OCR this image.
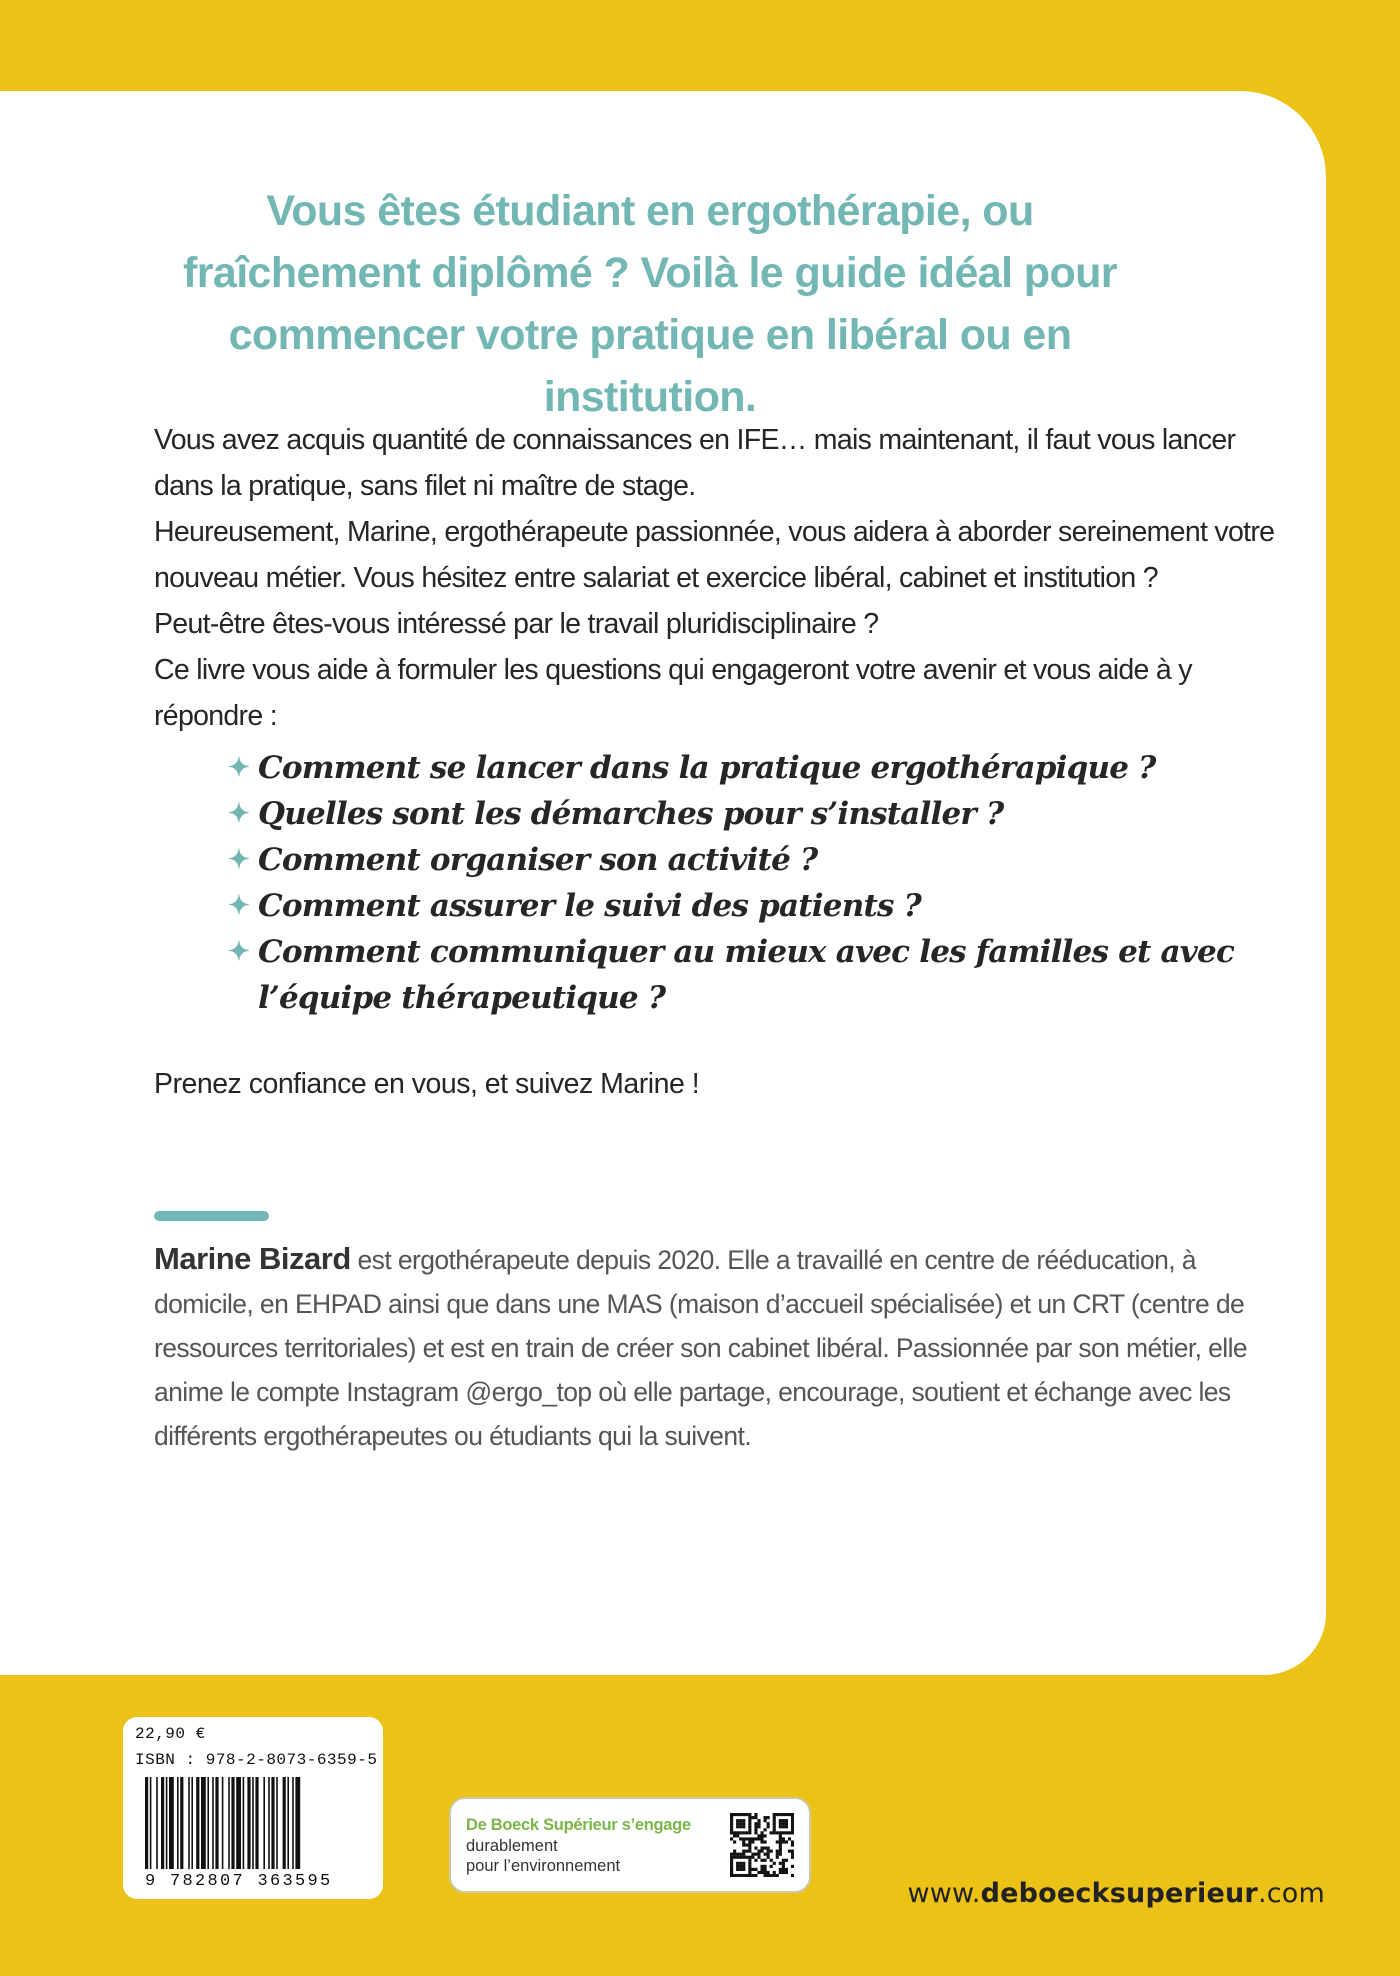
Vous êtes étudiant en ergothérapie, ou fraîchement diplômé ? Voilà le guide idéal pour commencer votre pratique en libéral ou en institution.

Vous avez acquis quantité de connaissances en IFE… mais maintenant, il faut vous lancer dans la pratique, sans filet ni maître de stage.

Heureusement, Marine, ergothérapeute passionnée, vous aidera à aborder sereinement votre nouveau métier. Vous hésitez entre salariat et exercice libéral, cabinet et institution ?

Peut-être êtes-vous intéressé par le travail pluridisciplinaire ?

Ce livre vous aide à formuler les questions qui engageront votre avenir et vous aide à y répondre :

✦ Comment se lancer dans la pratique ergothérapique ?
✦ Quelles sont les démarches pour s’installer ?
✦ Comment organiser son activité ?
✦ Comment assurer le suivi des patients ?
✦ Comment communiquer au mieux avec les familles et avec l’équipe thérapeutique ?
Prenez confiance en vous, et suivez Marine !
Marine Bizard est ergothérapeute depuis 2020. Elle a travaillé en centre de rééducation, à domicile, en EHPAD ainsi que dans une MAS (maison d’accueil spécialisée) et un CRT (centre de ressources territoriales) et est en train de créer son cabinet libéral. Passionnée par son métier, elle anime le compte Instagram @ergo_top où elle partage, encourage, soutient et échange avec les différents ergothérapeutes ou étudiants qui la suivent.
22,90 €
ISBN : 978-2-8073-6359-5
9 782807 363595
De Boeck Supérieur s’engage
durablement
pour l’environnement
www.deboecksuperieur.com
